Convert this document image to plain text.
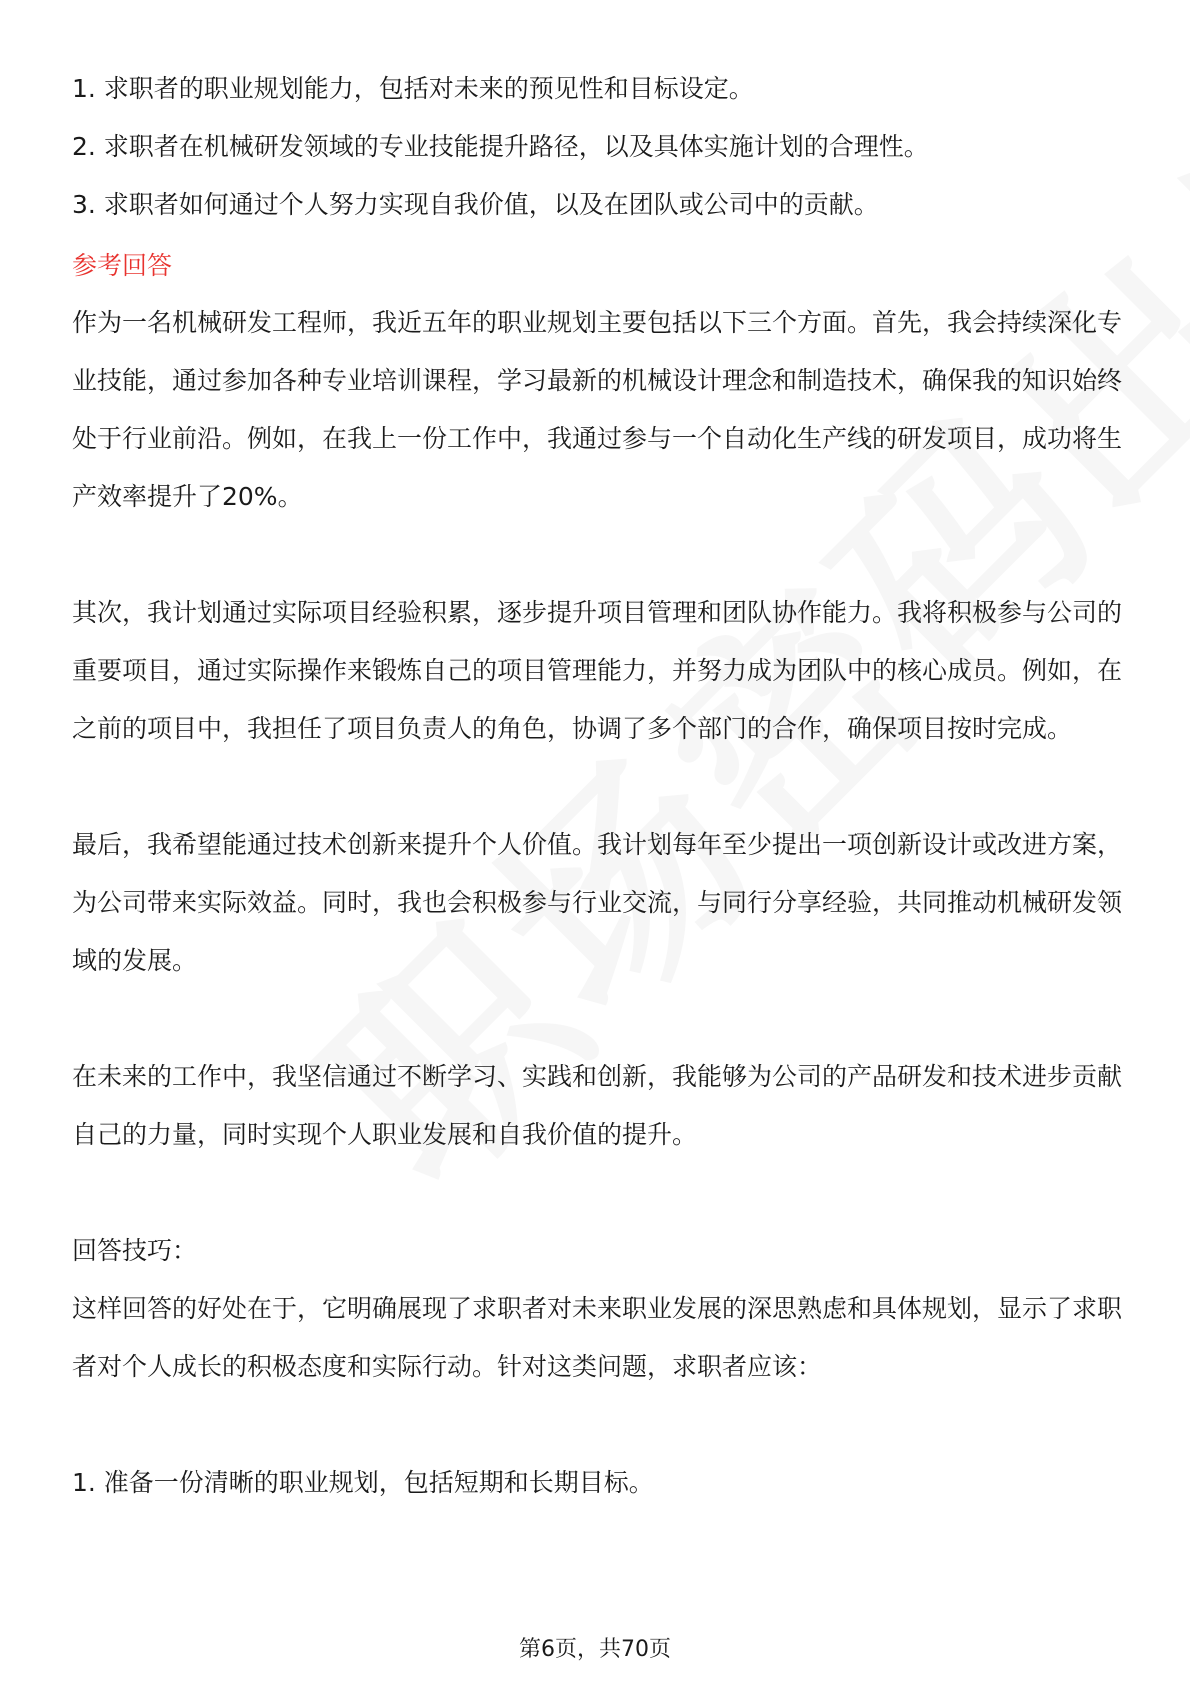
1. 求职者的职业规划能力，包括对未来的预见性和目标设定。

2. 求职者在机械研发领域的专业技能提升路径，以及具体实施计划的合理性。

3. 求职者如何通过个人努力实现自我价值，以及在团队或公司中的贡献。

参考回答

作为一名机械研发工程师，我近五年的职业规划主要包括以下三个方面。首先，我会持续深化专业技能，通过参加各种专业培训课程，学习最新的机械设计理念和制造技术，确保我的知识始终处于行业前沿。例如，在我上一份工作中，我通过参与一个自动化生产线的研发项目，成功将生产效率提升了20%。

其次，我计划通过实际项目经验积累，逐步提升项目管理和团队协作能力。我将积极参与公司的重要项目，通过实际操作来锻炼自己的项目管理能力，并努力成为团队中的核心成员。例如，在之前的项目中，我担任了项目负责人的角色，协调了多个部门的合作，确保项目按时完成。

最后，我希望能通过技术创新来提升个人价值。我计划每年至少提出一项创新设计或改进方案，为公司带来实际效益。同时，我也会积极参与行业交流，与同行分享经验，共同推动机械研发领域的发展。

在未来的工作中，我坚信通过不断学习、实践和创新，我能够为公司的产品研发和技术进步贡献自己的力量，同时实现个人职业发展和自我价值的提升。

回答技巧：

这样回答的好处在于，它明确展现了求职者对未来职业发展的深思熟虑和具体规划，显示了求职者对个人成长的积极态度和实际行动。针对这类问题，求职者应该：

1. 准备一份清晰的职业规划，包括短期和长期目标。

第6页，共70页
